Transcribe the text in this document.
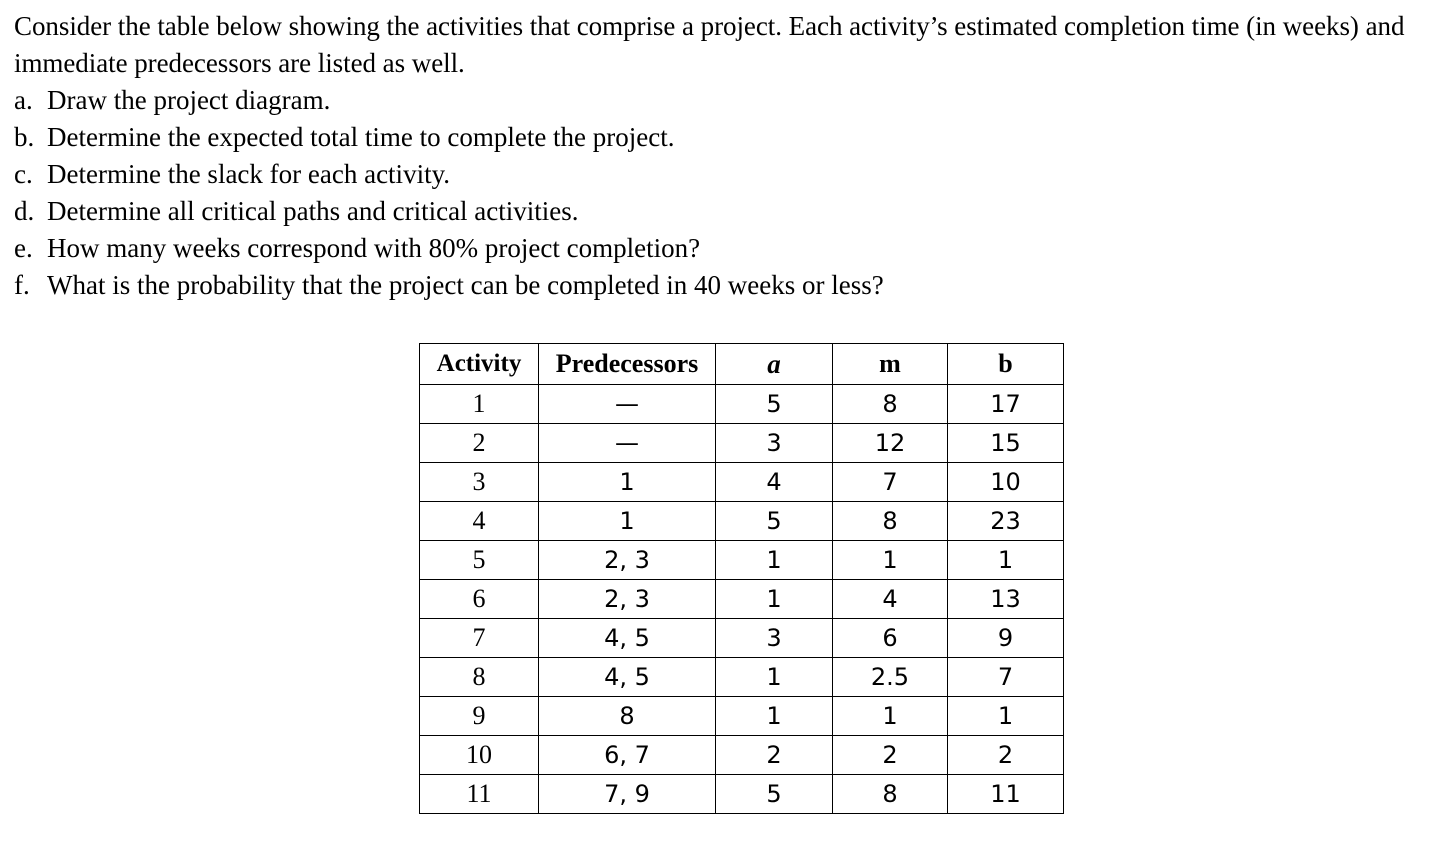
Consider the table below showing the activities that comprise a project. Each activity’s estimated completion time (in weeks) and immediate predecessors are listed as well.

a. Draw the project diagram.
b. Determine the expected total time to complete the project.
c. Determine the slack for each activity.
d. Determine all critical paths and critical activities.
e. How many weeks correspond with 80% project completion?
f. What is the probability that the project can be completed in 40 weeks or less?
Activity	Predecessors	a	m	b
1	—	5	8	17
2	—	3	12	15
3	1	4	7	10
4	1	5	8	23
5	2, 3	1	1	1
6	2, 3	1	4	13
7	4, 5	3	6	9
8	4, 5	1	2.5	7
9	8	1	1	1
10	6, 7	2	2	2
11	7, 9	5	8	11
